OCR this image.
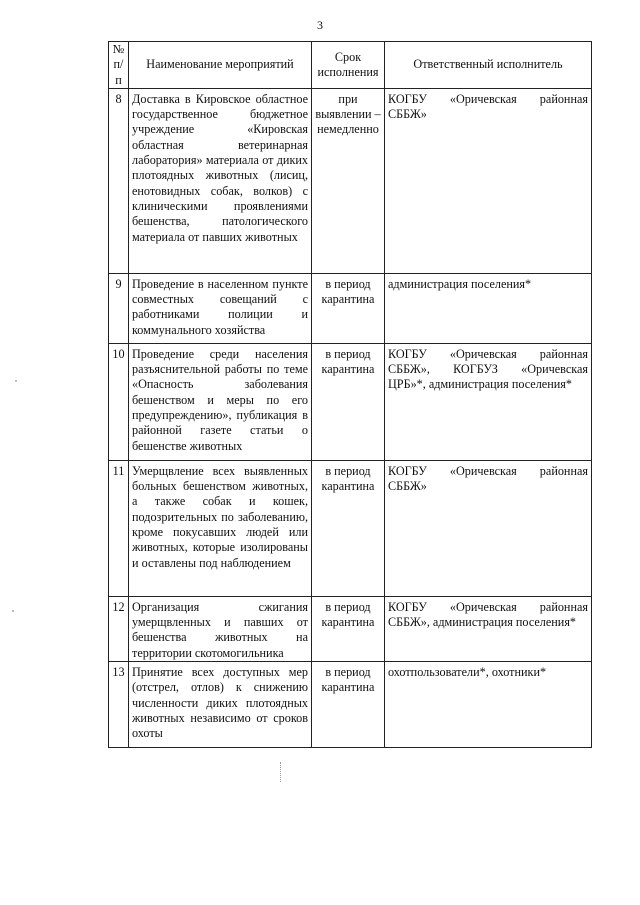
3
№ п/п	Наименование мероприятий	Срок исполнения	Ответственный исполнитель
8	Доставка в Кировское областное государственное бюджетное учреждение «Кировская областная ветеринарная лаборатория» материала от диких плотоядных животных (лисиц, енотовидных собак, волков) с клиническими проявлениями бешенства, патологического материала от павших животных	при выявлении – немедленно	КОГБУ «Оричевская районная СББЖ»
9	Проведение в населенном пункте совместных совещаний с работниками полиции и коммунального хозяйства	в период карантина	администрация поселения*
10	Проведение среди населения разъяснительной работы по теме «Опасность заболевания бешенством и меры по его предупреждению», публикация в районной газете статьи о бешенстве животных	в период карантина	КОГБУ «Оричевская районная СББЖ», КОГБУЗ «Оричевская ЦРБ»*, администрация поселения*
11	Умерщвление всех выявленных больных бешенством животных, а также собак и кошек, подозрительных по заболеванию, кроме покусавших людей или животных, которые изолированы и оставлены под наблюдением	в период карантина	КОГБУ «Оричевская районная СББЖ»
12	Организация сжигания умерщвленных и павших от бешенства животных на территории скотомогильника	в период карантина	КОГБУ «Оричевская районная СББЖ», администрация поселения*
13	Принятие всех доступных мер (отстрел, отлов) к снижению численности диких плотоядных животных независимо от сроков охоты	в период карантина	охотпользователи*, охотники*
